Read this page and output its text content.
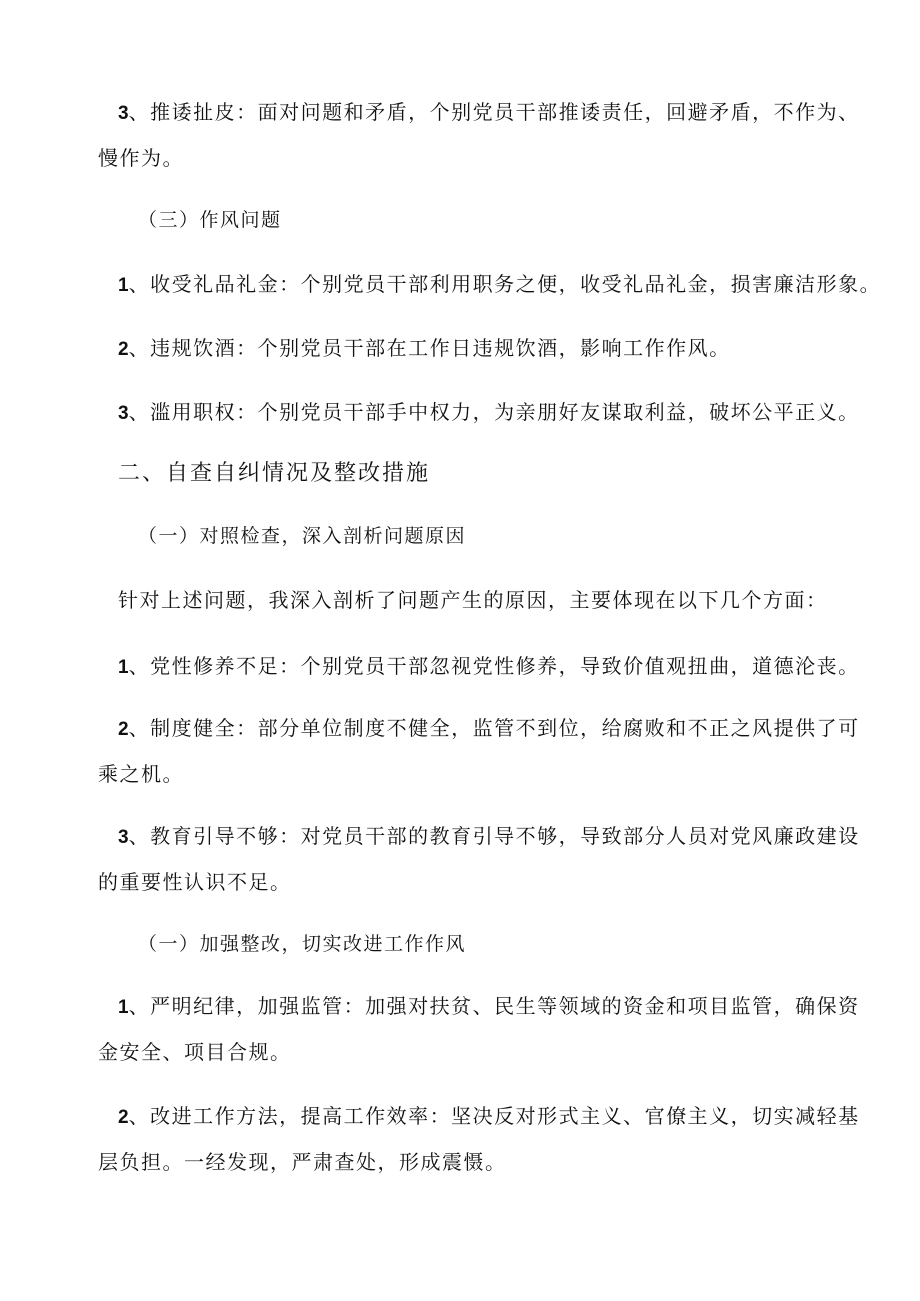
3、推诿扯皮：面对问题和矛盾，个别党员干部推诿责任，回避矛盾，不作为、
慢作为。
（三）作风问题
1、收受礼品礼金：个别党员干部利用职务之便，收受礼品礼金，损害廉洁形象。
2、违规饮酒：个别党员干部在工作日违规饮酒，影响工作作风。
3、滥用职权：个别党员干部手中权力，为亲朋好友谋取利益，破坏公平正义。
二、自查自纠情况及整改措施
（一）对照检查，深入剖析问题原因
针对上述问题，我深入剖析了问题产生的原因，主要体现在以下几个方面：
1、党性修养不足：个别党员干部忽视党性修养，导致价值观扭曲，道德沦丧。
2、制度健全：部分单位制度不健全，监管不到位，给腐败和不正之风提供了可
乘之机。
3、教育引导不够：对党员干部的教育引导不够，导致部分人员对党风廉政建设
的重要性认识不足。
（一）加强整改，切实改进工作作风
1、严明纪律，加强监管：加强对扶贫、民生等领域的资金和项目监管，确保资
金安全、项目合规。
2、改进工作方法，提高工作效率：坚决反对形式主义、官僚主义，切实减轻基
层负担。一经发现，严肃查处，形成震慑。
